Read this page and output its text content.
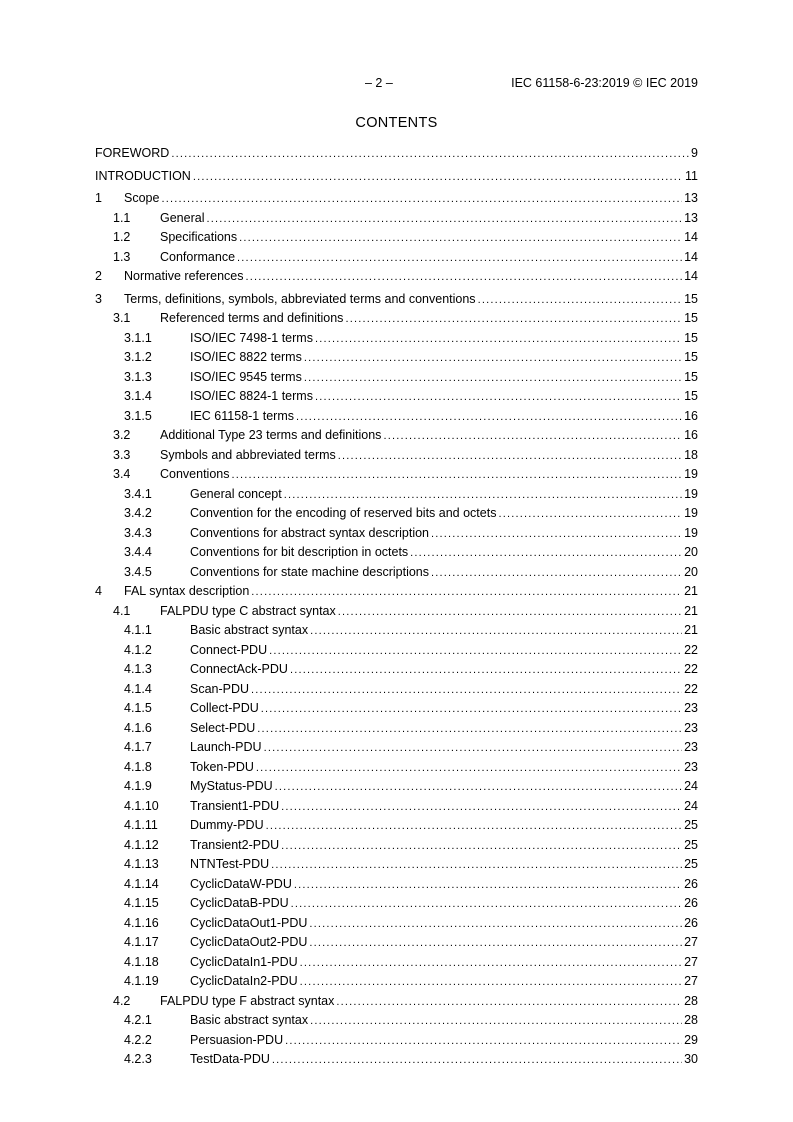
– 2 –	IEC 61158-6-23:2019 © IEC 2019
CONTENTS
FOREWORD .....	9
INTRODUCTION .....	11
1 Scope .....	13
1.1 General .....	13
1.2 Specifications .....	14
1.3 Conformance .....	14
2 Normative references .....	14
3 Terms, definitions, symbols, abbreviated terms and conventions .....	15
3.1 Referenced terms and definitions .....	15
3.1.1	ISO/IEC 7498-1 terms .....	15
3.1.2	ISO/IEC 8822 terms .....	15
3.1.3	ISO/IEC 9545 terms .....	15
3.1.4	ISO/IEC 8824-1 terms .....	15
3.1.5	IEC 61158-1 terms .....	16
3.2 Additional Type 23 terms and definitions .....	16
3.3 Symbols and abbreviated terms .....	18
3.4 Conventions .....	19
3.4.1	General concept .....	19
3.4.2	Convention for the encoding of reserved bits and octets .....	19
3.4.3	Conventions for abstract syntax description .....	19
3.4.4	Conventions for bit description in octets .....	20
3.4.5	Conventions for state machine descriptions .....	20
4 FAL syntax description .....	21
4.1 FALPDU type C abstract syntax .....	21
4.1.1	Basic abstract syntax .....	21
4.1.2	Connect-PDU .....	22
4.1.3	ConnectAck-PDU .....	22
4.1.4	Scan-PDU .....	22
4.1.5	Collect-PDU .....	23
4.1.6	Select-PDU .....	23
4.1.7	Launch-PDU .....	23
4.1.8	Token-PDU .....	23
4.1.9	MyStatus-PDU .....	24
4.1.10 Transient1-PDU .....	24
4.1.11	Dummy-PDU .....	25
4.1.12 Transient2-PDU .....	25
4.1.13 NTNTest-PDU .....	25
4.1.14 CyclicDataW-PDU .....	26
4.1.15 CyclicDataB-PDU .....	26
4.1.16 CyclicDataOut1-PDU .....	26
4.1.17 CyclicDataOut2-PDU .....	27
4.1.18 CyclicDataIn1-PDU .....	27
4.1.19 CyclicDataIn2-PDU .....	27
4.2 FALPDU type F abstract syntax .....	28
4.2.1	Basic abstract syntax .....	28
4.2.2	Persuasion-PDU .....	29
4.2.3	TestData-PDU .....	30
